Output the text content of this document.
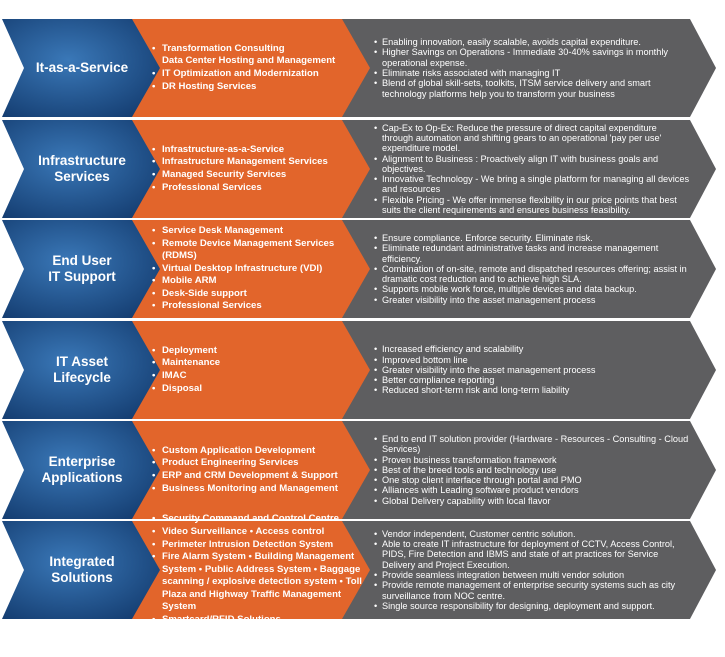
It-as-a-Service
• Transformation Consulting
Data Center Hosting and Management
• IT Optimization and Modernization
• DR Hosting Services
• Enabling innovation, easily scalable, avoids capital expenditure.
• Higher Savings on Operations - Immediate 30-40% savings in monthly operational expense.
• Eliminate risks associated with managing IT
• Blend of global skill-sets, toolkits, ITSM service delivery and smart technology platforms help you to transform your business
Infrastructure
Services
• Infrastructure-as-a-Service
• Infrastructure Management Services
• Managed Security Services
• Professional Services
• Cap-Ex to Op-Ex: Reduce the pressure of direct capital expenditure through automation and shifting gears to an operational 'pay per use' expenditure model.
• Alignment to Business : Proactively align IT with business goals and objectives.
• Innovative Technology - We bring a single platform for managing all devices and resources
• Flexible Pricing - We offer immense flexibility in our price points that best suits the client requirements and ensures business feasibility.
End User
IT Support
• Service Desk Management
• Remote Device Management Services (RDMS)
• Virtual Desktop Infrastructure (VDI)
• Mobile ARM
• Desk-Side support
• Professional Services
• Ensure compliance. Enforce security. Eliminate risk.
• Eliminate redundant administrative tasks and increase management efficiency.
• Combination of on-site, remote and dispatched resources offering; assist in dramatic cost reduction and to achieve high SLA.
• Supports mobile work force, multiple devices and data backup.
• Greater visibility into the asset management process
IT Asset
Lifecycle
• Deployment
• Maintenance
• IMAC
• Disposal
• Increased efficiency and scalability
• Improved bottom line
• Greater visibility into the asset management process
• Better compliance reporting
• Reduced short-term risk and long-term liability
Enterprise
Applications
• Custom Application Development
• Product Engineering Services
• ERP and CRM Development & Support
• Business Monitoring and Management
• End to end IT solution provider (Hardware - Resources - Consulting - Cloud Services)
• Proven business transformation framework
• Best of the breed tools and technology use
• One stop client interface through portal and PMO
• Alliances with Leading software product vendors
• Global Delivery capability with local flavor
Integrated
Solutions
• Security Command and Control Centre
• Video Surveillance • Access control
• Perimeter Intrusion Detection System
• Fire Alarm System • Building Management System • Public Address System • Baggage scanning / explosive detection system • Toll Plaza and Highway Traffic Management System
• Smartcard/RFID Solutions
• Vendor independent, Customer centric solution.
• Able to create IT infrastructure for deployment of CCTV, Access Control, PIDS, Fire Detection and IBMS and state of art practices for Service Delivery and Project Execution.
• Provide seamless integration between multi vendor solution
• Provide remote management of enterprise security systems such as city surveillance from NOC centre.
• Single source responsibility for designing, deployment and support.
